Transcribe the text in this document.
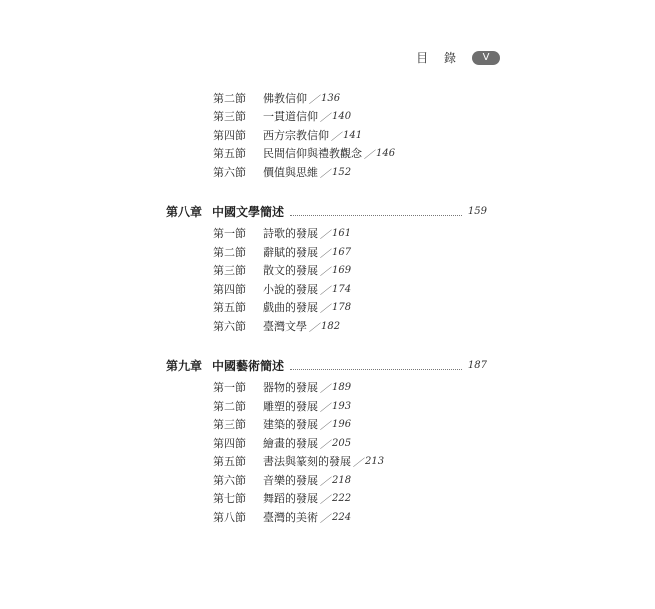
目 錄	V
第二節	佛教信仰 ／ 136
第三節	一貫道信仰 ／ 140
第四節	西方宗教信仰 ／ 141
第五節	民間信仰與禮教觀念 ／ 146
第六節	價值與思維 ／ 152
第八章 中國文學簡述	159
第一節	詩歌的發展 ／ 161
第二節	辭賦的發展 ／ 167
第三節	散文的發展 ／ 169
第四節	小說的發展 ／ 174
第五節	戲曲的發展 ／ 178
第六節	臺灣文學 ／ 182
第九章 中國藝術簡述	187
第一節	器物的發展 ／ 189
第二節	雕塑的發展 ／ 193
第三節	建築的發展 ／ 196
第四節	繪畫的發展 ／ 205
第五節	書法與篆刻的發展 ／ 213
第六節	音樂的發展 ／ 218
第七節	舞蹈的發展 ／ 222
第八節	臺灣的美術 ／ 224
